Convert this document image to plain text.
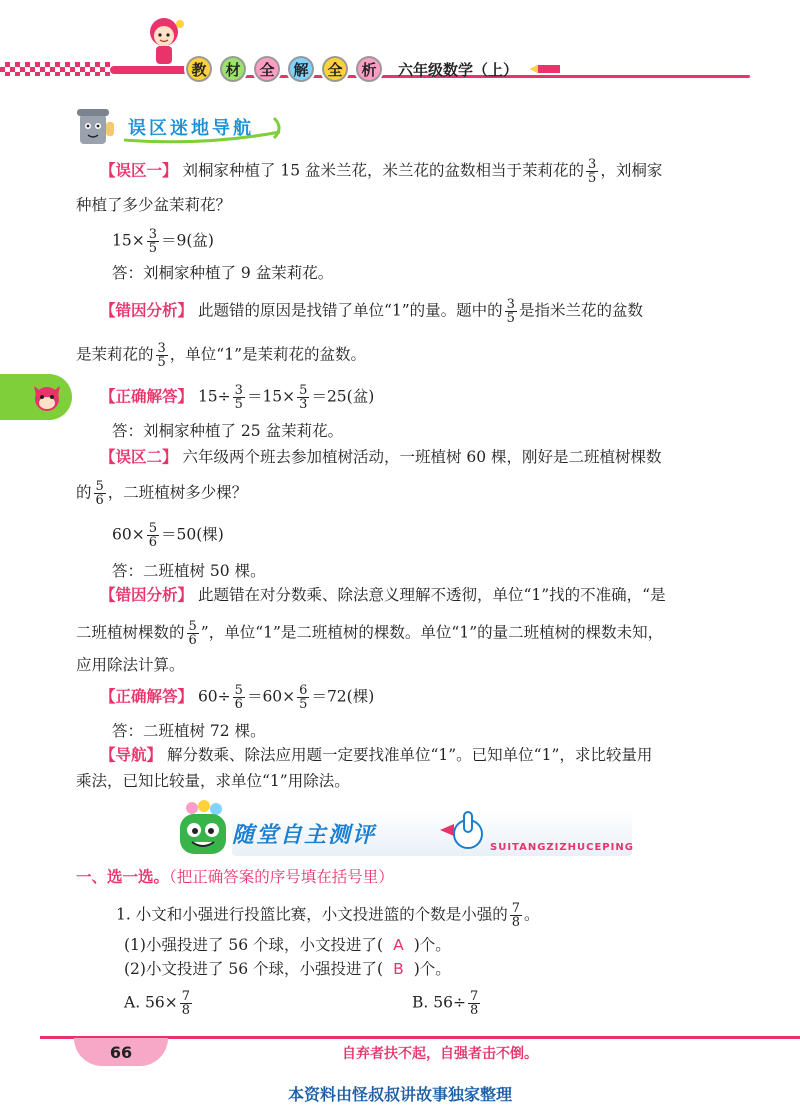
教	材	全	解	全	析	六年级数学（上）
误区迷地导航
【误区一】 刘桐家种植了 15 盆米兰花，米兰花的盆数相当于茉莉花的 $\frac{3}{5}$ ，刘桐家
种植了多少盆茉莉花？
$15\times \frac{3}{5} =9$(盆)
答：刘桐家种植了 9 盆茉莉花。
【错因分析】 此题错的原因是找错了单位“1”的量。题中的 $\frac{3}{5}$ 是指米兰花的盆数
是茉莉花的 $\frac{3}{5}$ ，单位“1”是茉莉花的盆数。
【正确解答】 $15\div \frac{3}{5} =15\times \frac{5}{3} =25$(盆)
答：刘桐家种植了 25 盆茉莉花。
【误区二】 六年级两个班去参加植树活动，一班植树 60 棵，刚好是二班植树棵数
的 $\frac{5}{6}$ ，二班植树多少棵？
$60\times \frac{5}{6} =50$(棵)
答：二班植树 50 棵。
【错因分析】 此题错在对分数乘、除法意义理解不透彻，单位“1”找的不准确，“是
二班植树棵数的 $\frac{5}{6}$ ”，单位“1”是二班植树的棵数。单位“1”的量二班植树的棵数未知，
应用除法计算。
【正确解答】 $60\div \frac{5}{6} =60\times \frac{6}{5} =72$(棵)
答：二班植树 72 棵。
【导航】 解分数乘、除法应用题一定要找准单位“1”。已知单位“1”，求比较量用
乘法，已知比较量，求单位“1”用除法。
随堂自主测评	SUITANGZIZHUCEPING
一、选一选。（把正确答案的序号填在括号里）
1. 小文和小强进行投篮比赛，小文投进篮的个数是小强的 $\frac{7}{8}$ 。
(1)小强投进了 56 个球，小文投进了( A )个。
(2)小文投进了 56 个球，小强投进了( B )个。
A. $56\times \frac{7}{8}$	B. $56\div \frac{7}{8}$
66	自弃者扶不起，自强者击不倒。
本资料由怪叔叔讲故事独家整理
